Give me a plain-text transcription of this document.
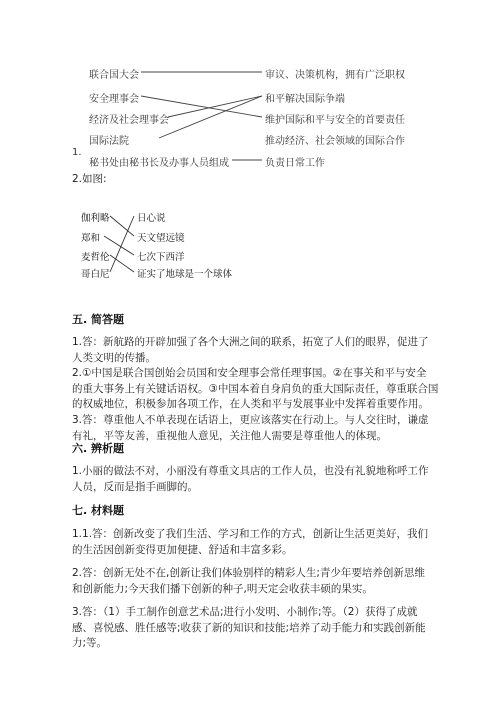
联合国大会
安全理事会
经济及社会理事会
国际法院
1.
秘书处由秘书长及办事人员组成
审议、决策机构，拥有广泛职权
和平解决国际争端
维护国际和平与安全的首要责任
推动经济、社会领域的国际合作
负责日常工作
2.如图:
伽利略
郑和
麦哲伦
哥白尼
日心说
天文望远镜
七次下西洋
证实了地球是一个球体
五. 简答题
1.答：新航路的开辟加强了各个大洲之间的联系，拓宽了人们的眼界，促进了
人类文明的传播。
2.①中国是联合国创始会员国和安全理事会常任理事国。②在事关和平与安全
的重大事务上有关键话语权。③中国本着自身肩负的重大国际责任，尊重联合国
的权威地位，积极参加各项工作，在人类和平与发展事业中发挥着重要作用。
3.答：尊重他人不单表现在话语上，更应该落实在行动上。与人交往时，谦虚
有礼，平等友善，重视他人意见，关注他人需要是尊重他人的体现。
六. 辨析题
1.小丽的做法不对，小丽没有尊重文具店的工作人员，也没有礼貌地称呼工作
人员，反而是指手画脚的。
七. 材料题
1.1.答：创新改变了我们生活、学习和工作的方式，创新让生活更美好，我们
的生活因创新变得更加便捷、舒适和丰富多彩。
2.答：创新无处不在,创新让我们体验别样的精彩人生;青少年要培养创新思维
和创新能力;今天我们播下创新的种子,明天定会收获丰硕的果实。
3.答：（1）手工制作创意艺术品;进行小发明、小制作;等。（2）获得了成就
感、喜悦感、胜任感等;收获了新的知识和技能;培养了动手能力和实践创新能
力;等。
